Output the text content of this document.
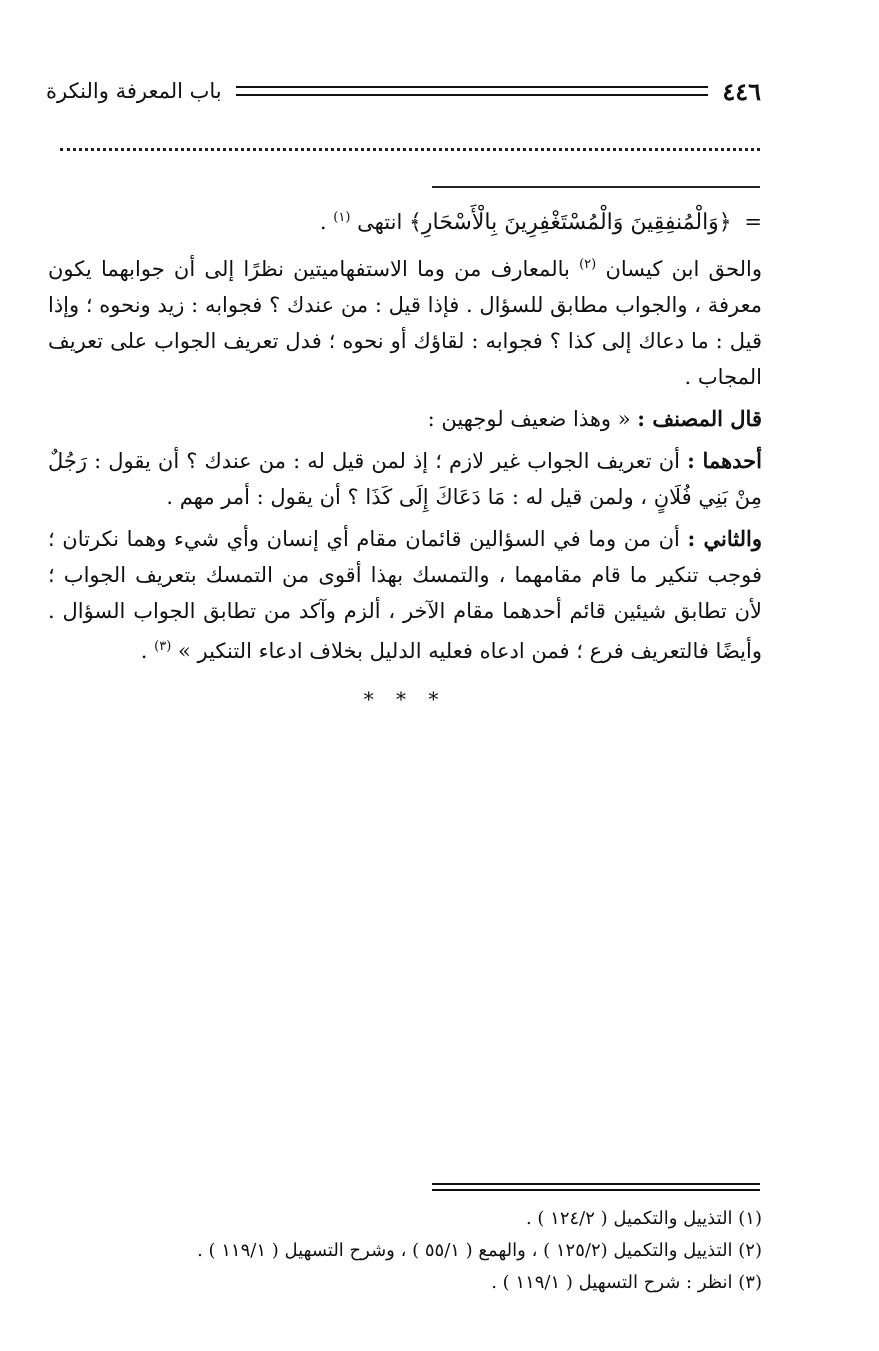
٤٤٦
باب المعرفة والنكرة

= ﴿وَالْمُنفِقِينَ وَالْمُسْتَغْفِرِينَ بِالْأَسْحَارِ﴾ انتهى $^{(١)}$ .

والحق ابن كيسان $^{(٢)}$ بالمعارف من وما الاستفهاميتين نظرًا إلى أن جوابهما يكون معرفة ، والجواب مطابق للسؤال . فإذا قيل : من عندك ؟ فجوابه : زيد ونحوه ؛ وإذا قيل : ما دعاك إلى كذا ؟ فجوابه : لقاؤك أو نحوه ؛ فدل تعريف الجواب على تعريف المجاب .

قال المصنف : « وهذا ضعيف لوجهين :

أحدهما : أن تعريف الجواب غير لازم ؛ إذ لمن قيل له : من عندك ؟ أن يقول : رَجُلٌ مِنْ بَنِي فُلَانٍ ، ولمن قيل له : مَا دَعَاكَ إِلَى كَذَا ؟ أن يقول : أمر مهم .

والثاني : أن من وما في السؤالين قائمان مقام أي إنسان وأي شيء وهما نكرتان ؛ فوجب تنكير ما قام مقامهما ، والتمسك بهذا أقوى من التمسك بتعريف الجواب ؛ لأن تطابق شيئين قائم أحدهما مقام الآخر ، ألزم وآكد من تطابق الجواب السؤال . وأيضًا فالتعريف فرع ؛ فمن ادعاه فعليه الدليل بخلاف ادعاء التنكير » $^{(٣)}$ .

* * *
(١) التذييل والتكميل ( ١٢٤/٢ ) .
(٢) التذييل والتكميل (١٢٥/٢ ) ، والهمع ( ٥٥/١ ) ، وشرح التسهيل ( ١١٩/١ ) .
(٣) انظر : شرح التسهيل ( ١١٩/١ ) .
